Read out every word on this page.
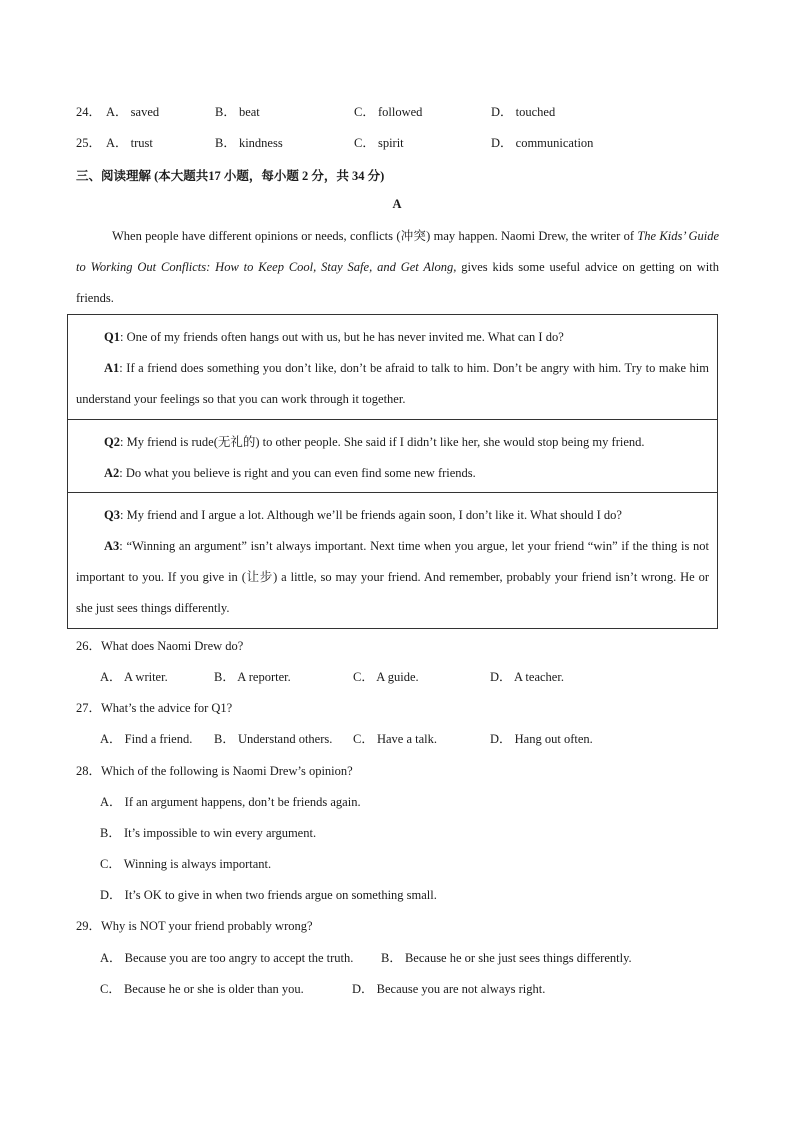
24． A． saved	B． beat	C． followed	D． touched
25． A． trust	B． kindness	C． spirit	D． communication
三、阅读理解 (本大题共17 小题，每小题 2 分，共 34 分)
A
When people have different opinions or needs, conflicts (冲突) may happen. Naomi Drew, the writer of The Kids’ Guide to Working Out Conflicts: How to Keep Cool, Stay Safe, and Get Along, gives kids some useful advice on getting on with friends.

Q1: One of my friends often hangs out with us, but he has never invited me. What can I do?

A1: If a friend does something you don’t like, don’t be afraid to talk to him. Don’t be angry with him. Try to make him understand your feelings so that you can work through it together.

Q2: My friend is rude(无礼的) to other people. She said if I didn’t like her, she would stop being my friend.

A2: Do what you believe is right and you can even find some new friends.

Q3: My friend and I argue a lot. Although we’ll be friends again soon, I don’t like it. What should I do?

A3: “Winning an argument” isn’t always important. Next time when you argue, let your friend “win” if the thing is not important to you. If you give in (让步) a little, so may your friend. And remember, probably your friend isn’t wrong. He or she just sees things differently.

26．What does Naomi Drew do?
A． A writer.	B． A reporter.	C． A guide.	D． A teacher.
27．What’s the advice for Q1?
A． Find a friend. B． Understand others. C． Have a talk.	D． Hang out often.
28．Which of the following is Naomi Drew’s opinion?
A． If an argument happens, don’t be friends again.
B． It’s impossible to win every argument.
C． Winning is always important.
D． It’s OK to give in when two friends argue on something small.
29．Why is NOT your friend probably wrong?
A． Because you are too angry to accept the truth. B． Because he or she just sees things differently.
C． Because he or she is older than you.	D． Because you are not always right.
